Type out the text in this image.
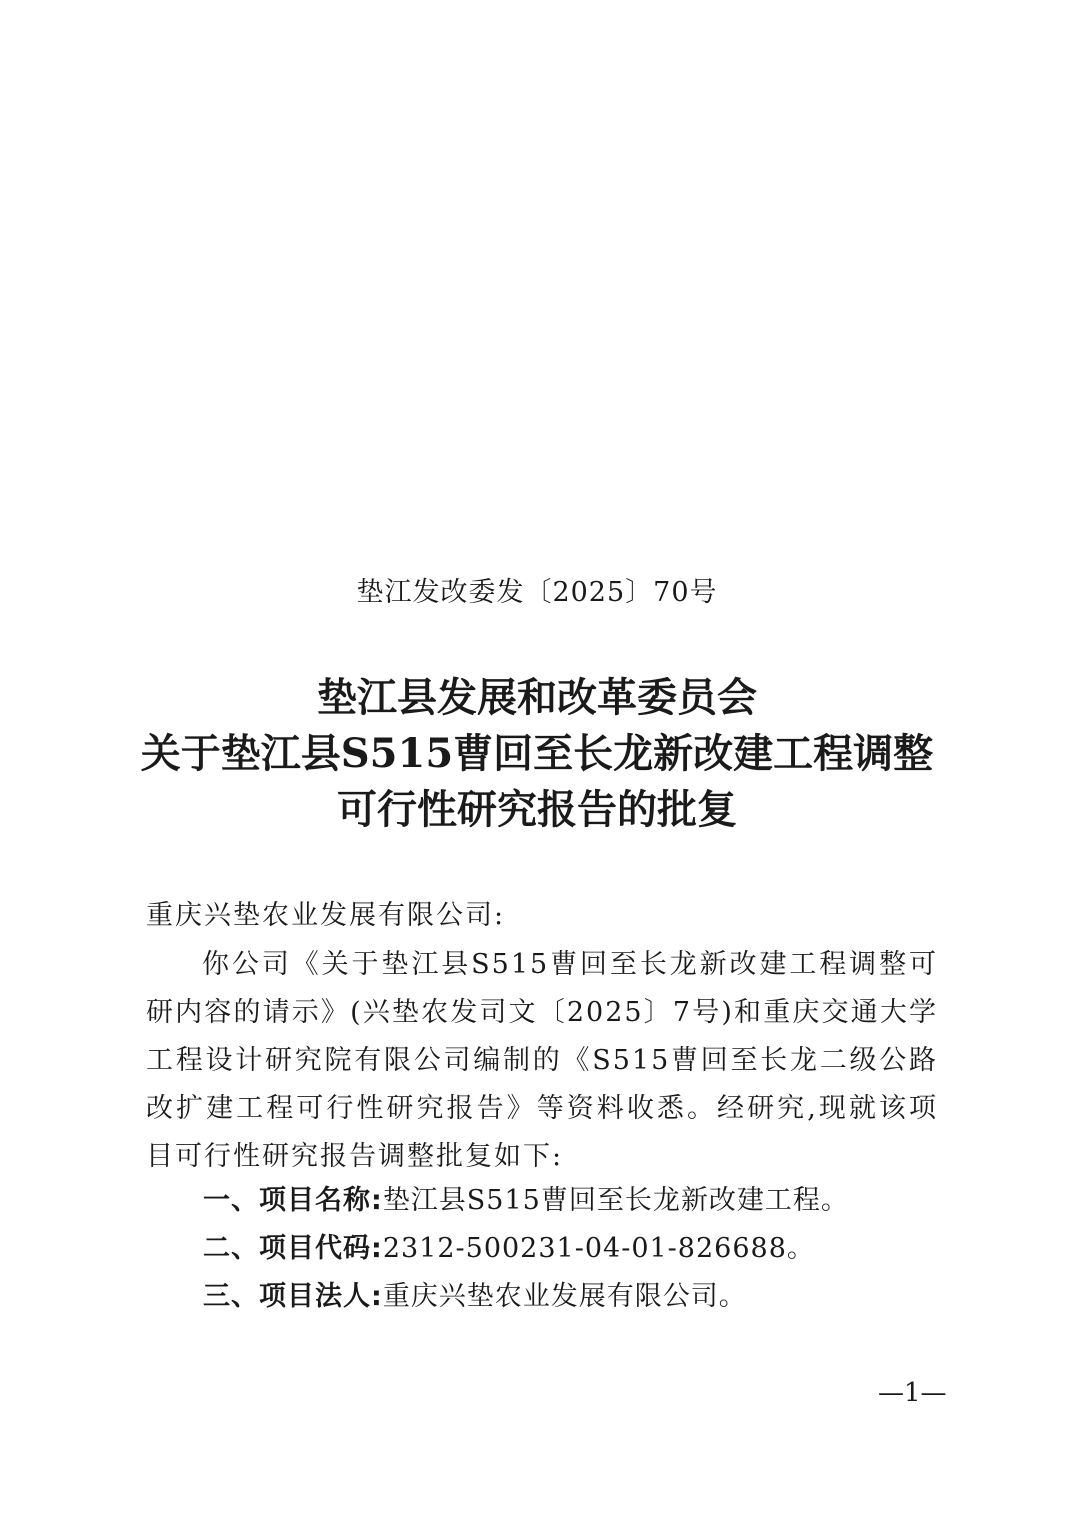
垫江发改委发〔2025〕70号
垫江县发展和改革委员会
关于垫江县S515曹回至长龙新改建工程调整
可行性研究报告的批复
重庆兴垫农业发展有限公司:
你公司《关于垫江县S515曹回至长龙新改建工程调整可研内容的请示》(兴垫农发司文〔2025〕7号)和重庆交通大学工程设计研究院有限公司编制的《S515曹回至长龙二级公路改扩建工程可行性研究报告》等资料收悉。经研究,现就该项目可行性研究报告调整批复如下:
一、项目名称:垫江县S515曹回至长龙新改建工程。
二、项目代码:2312-500231-04-01-826688。
三、项目法人:重庆兴垫农业发展有限公司。
—1—
